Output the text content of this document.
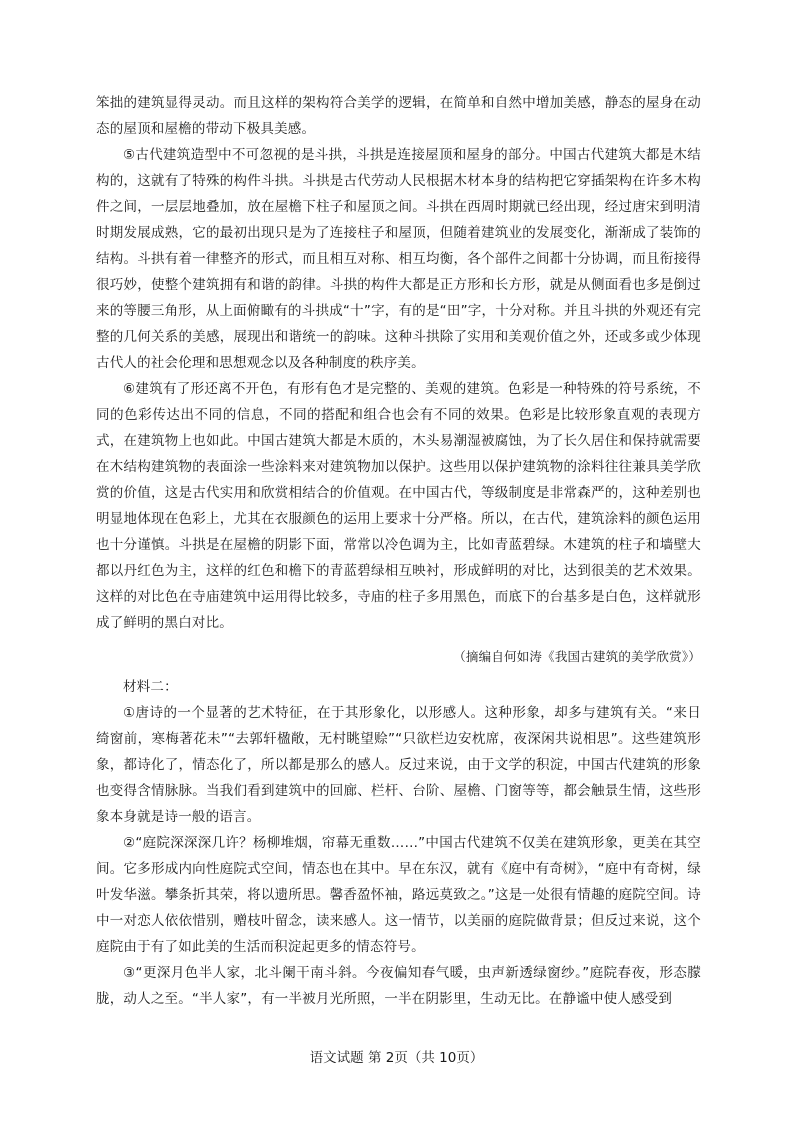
笨拙的建筑显得灵动。而且这样的架构符合美学的逻辑，在简单和自然中增加美感，静态的屋身在动态的屋顶和屋檐的带动下极具美感。

⑤古代建筑造型中不可忽视的是斗拱，斗拱是连接屋顶和屋身的部分。中国古代建筑大都是木结构的，这就有了特殊的构件斗拱。斗拱是古代劳动人民根据木材本身的结构把它穿插架构在许多木构件之间，一层层地叠加，放在屋檐下柱子和屋顶之间。斗拱在西周时期就已经出现，经过唐宋到明清时期发展成熟，它的最初出现只是为了连接柱子和屋顶，但随着建筑业的发展变化，渐渐成了装饰的结构。斗拱有着一律整齐的形式，而且相互对称、相互均衡，各个部件之间都十分协调，而且衔接得很巧妙，使整个建筑拥有和谐的韵律。斗拱的构件大都是正方形和长方形，就是从侧面看也多是倒过来的等腰三角形，从上面俯瞰有的斗拱成“十”字，有的是“田”字，十分对称。并且斗拱的外观还有完整的几何关系的美感，展现出和谐统一的韵味。这种斗拱除了实用和美观价值之外，还或多或少体现古代人的社会伦理和思想观念以及各种制度的秩序美。

⑥建筑有了形还离不开色，有形有色才是完整的、美观的建筑。色彩是一种特殊的符号系统，不同的色彩传达出不同的信息，不同的搭配和组合也会有不同的效果。色彩是比较形象直观的表现方式，在建筑物上也如此。中国古建筑大都是木质的，木头易潮湿被腐蚀，为了长久居住和保持就需要在木结构建筑物的表面涂一些涂料来对建筑物加以保护。这些用以保护建筑物的涂料往往兼具美学欣赏的价值，这是古代实用和欣赏相结合的价值观。在中国古代，等级制度是非常森严的，这种差别也明显地体现在色彩上，尤其在衣服颜色的运用上要求十分严格。所以，在古代，建筑涂料的颜色运用也十分谨慎。斗拱是在屋檐的阴影下面，常常以冷色调为主，比如青蓝碧绿。木建筑的柱子和墙壁大都以丹红色为主，这样的红色和檐下的青蓝碧绿相互映衬，形成鲜明的对比，达到很美的艺术效果。这样的对比色在寺庙建筑中运用得比较多，寺庙的柱子多用黑色，而底下的台基多是白色，这样就形成了鲜明的黑白对比。

（摘编自何如涛《我国古建筑的美学欣赏》）

材料二：

①唐诗的一个显著的艺术特征，在于其形象化，以形感人。这种形象，却多与建筑有关。“来日绮窗前，寒梅著花未”“去郭轩楹敞，无村眺望赊”“只欲栏边安枕席，夜深闲共说相思”。这些建筑形象，都诗化了，情态化了，所以都是那么的感人。反过来说，由于文学的积淀，中国古代建筑的形象也变得含情脉脉。当我们看到建筑中的回廊、栏杆、台阶、屋檐、门窗等等，都会触景生情，这些形象本身就是诗一般的语言。

②“庭院深深深几许？杨柳堆烟，帘幕无重数……”中国古代建筑不仅美在建筑形象，更美在其空间。它多形成内向性庭院式空间，情态也在其中。早在东汉，就有《庭中有奇树》，“庭中有奇树，绿叶发华滋。攀条折其荣，将以遗所思。馨香盈怀袖，路远莫致之。”这是一处很有情趣的庭院空间。诗中一对恋人依依惜别，赠枝叶留念，读来感人。这一情节，以美丽的庭院做背景；但反过来说，这个庭院由于有了如此美的生活而积淀起更多的情态符号。

③“更深月色半人家，北斗阑干南斗斜。今夜偏知春气暖，虫声新透绿窗纱。”庭院春夜，形态朦胧，动人之至。“半人家”，有一半被月光所照，一半在阴影里，生动无比。在静谧中使人感受到

语文试题 第 2页（共 10页）
